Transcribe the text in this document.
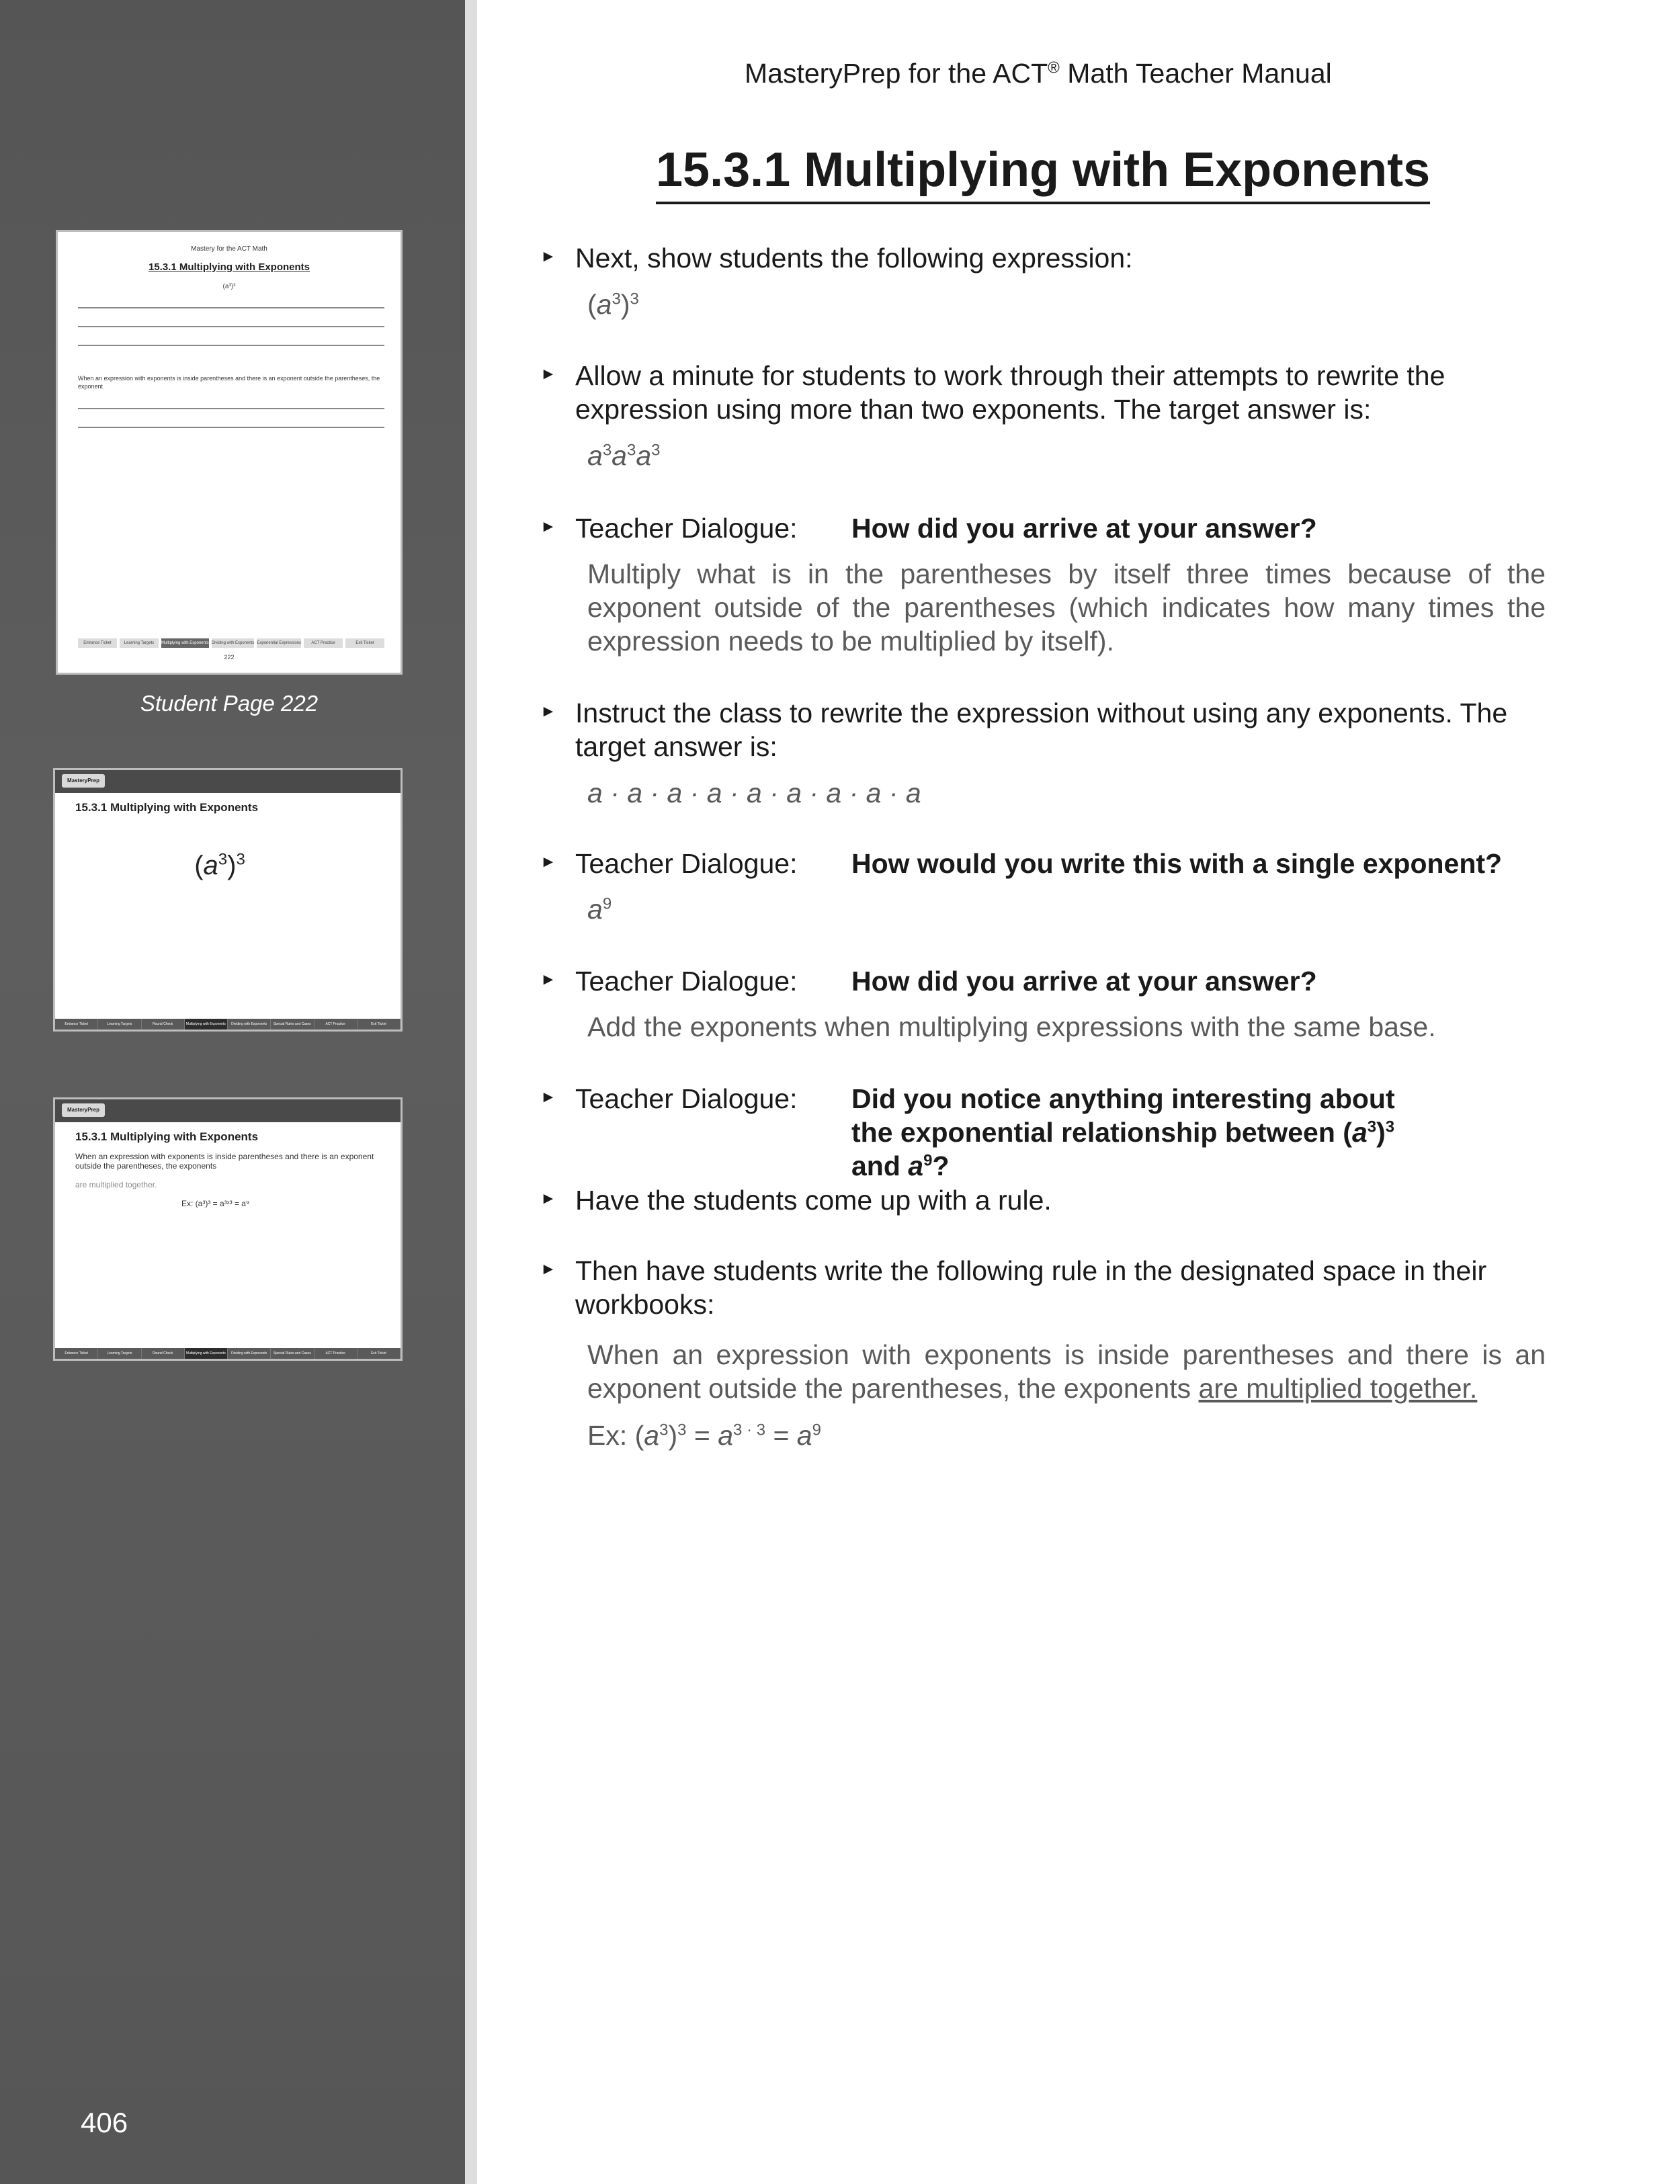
Mastery for the ACT Math
15.3.1 Multiplying with Exponents
(a³)³
When an expression with exponents is inside parentheses and there is an exponent outside the parentheses, the exponent
Entrance Ticket	Learning Targets	Multiplying with Exponents Dividing with Exponents Exponential Expressions	ACT Practice	Exit Ticket
222
Student Page 222
MasteryPrep
15.3.1 Multiplying with Exponents
$(a^3)^3$
Entrance Ticket	Learning Targets	Round Check	Multiplying with Exponents	Dividing with Exponents	Special Rules and Cases	ACT Practice	Exit Ticket
MasteryPrep
15.3.1 Multiplying with Exponents
When an expression with exponents is inside parentheses and there is an exponent outside the parentheses, the exponents
are multiplied together.
Ex: (a³)³ = a³ˣ³ = a⁹
Entrance Ticket	Learning Targets	Round Check	Multiplying with Exponents	Dividing with Exponents	Special Rules and Cases	ACT Practice	Exit Ticket
406
MasteryPrep for the ACT® Math Teacher Manual
15.3.1 Multiplying with Exponents
► Next, show students the following expression:
$(a^3)^3$
► Allow a minute for students to work through their attempts to rewrite the expression using more than two exponents. The target answer is:
$a^3a^3a^3$
► Teacher Dialogue: How did you arrive at your answer?
Multiply what is in the parentheses by itself three times because of the exponent outside of the parentheses (which indicates how many times the expression needs to be multiplied by itself).
► Instruct the class to rewrite the expression without using any exponents. The target answer is:
a · a · a · a · a · a · a · a · a
► Teacher Dialogue: How would you write this with a single exponent?
$a^9$
► Teacher Dialogue: How did you arrive at your answer?
Add the exponents when multiplying expressions with the same base.
► Teacher Dialogue: Did you notice anything interesting about the exponential relationship between $(a^3)^3$ and $a^9$?
► Have the students come up with a rule.
► Then have students write the following rule in the designated space in their workbooks:
When an expression with exponents is inside parentheses and there is an exponent outside the parentheses, the exponents are multiplied together.
Ex: $(a^3)^3 = a^{3 \cdot 3} = a^9$
